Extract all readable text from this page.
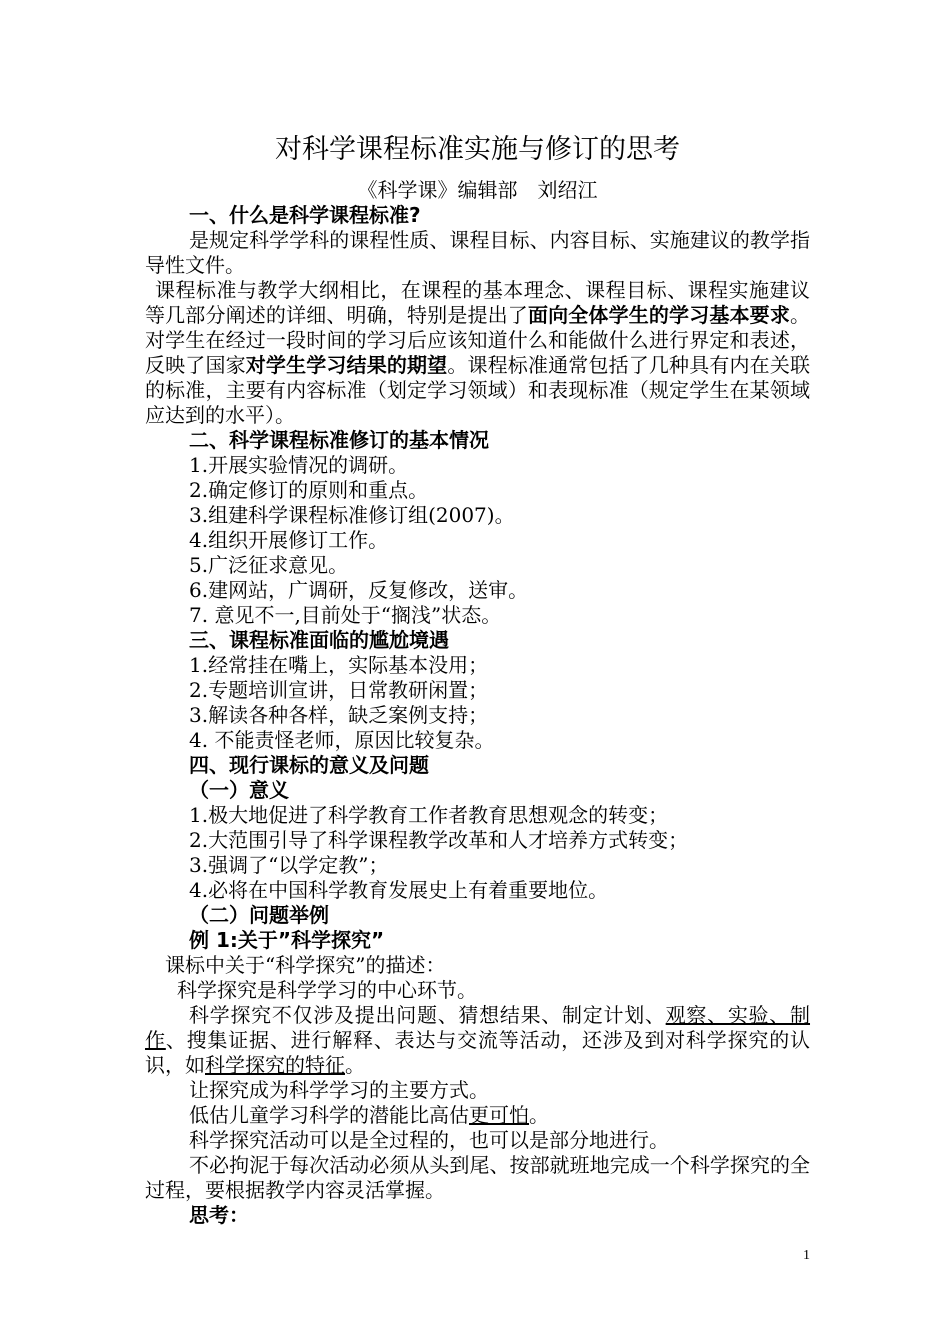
对科学课程标准实施与修订的思考

《科学课》编辑部　刘绍江

一、什么是科学课程标准?

是规定科学学科的课程性质、课程目标、内容目标、实施建议的教学指导性文件。

课程标准与教学大纲相比，在课程的基本理念、课程目标、课程实施建议等几部分阐述的详细、明确，特别是提出了面向全体学生的学习基本要求。对学生在经过一段时间的学习后应该知道什么和能做什么进行界定和表述，反映了国家对学生学习结果的期望。课程标准通常包括了几种具有内在关联的标准，主要有内容标准（划定学习领域）和表现标准（规定学生在某领域应达到的水平）。

二、科学课程标准修订的基本情况

1.开展实验情况的调研。

2.确定修订的原则和重点。

3.组建科学课程标准修订组(2007)。

4.组织开展修订工作。

5.广泛征求意见。

6.建网站，广调研，反复修改，送审。

7. 意见不一,目前处于“搁浅”状态。

三、课程标准面临的尴尬境遇

1.经常挂在嘴上，实际基本没用；

2.专题培训宣讲，日常教研闲置；

3.解读各种各样，缺乏案例支持；

4. 不能责怪老师，原因比较复杂。

四、现行课标的意义及问题

（一）意义

1.极大地促进了科学教育工作者教育思想观念的转变；

2.大范围引导了科学课程教学改革和人才培养方式转变；

3.强调了“以学定教”；

4.必将在中国科学教育发展史上有着重要地位。

（二）问题举例

例 1:关于”科学探究”

课标中关于“科学探究”的描述：

科学探究是科学学习的中心环节。

科学探究不仅涉及提出问题、猜想结果、制定计划、观察、实验、制作、搜集证据、进行解释、表达与交流等活动，还涉及到对科学探究的认识，如科学探究的特征。

让探究成为科学学习的主要方式。

低估儿童学习科学的潜能比高估更可怕。

科学探究活动可以是全过程的，也可以是部分地进行。

不必拘泥于每次活动必须从头到尾、按部就班地完成一个科学探究的全过程，要根据教学内容灵活掌握。

思考：

1
